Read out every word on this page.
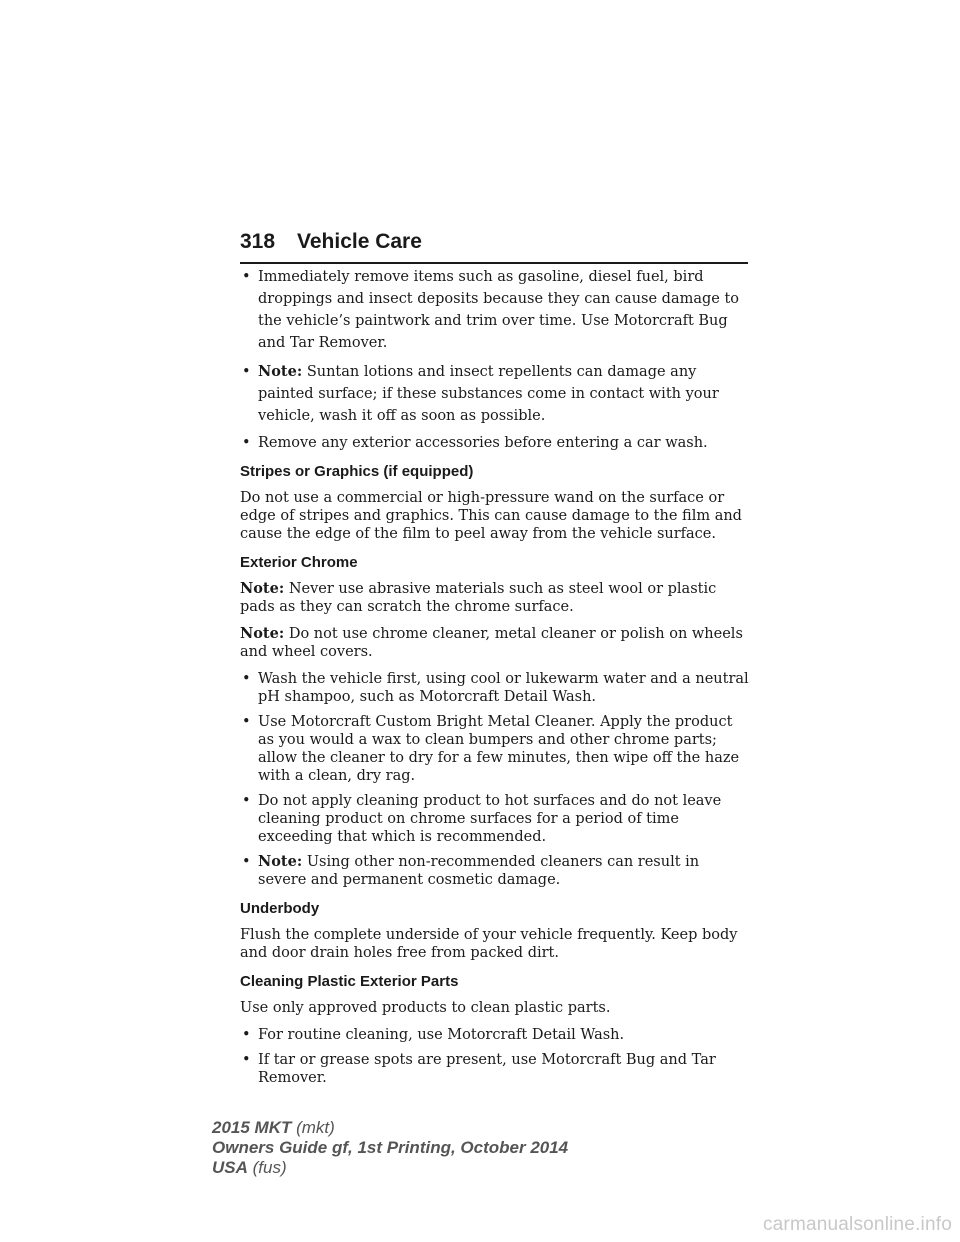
318 Vehicle Care
• Immediately remove items such as gasoline, diesel fuel, bird droppings and insect deposits because they can cause damage to the vehicle’s paintwork and trim over time. Use Motorcraft Bug and Tar Remover.
• Note: Suntan lotions and insect repellents can damage any painted surface; if these substances come in contact with your vehicle, wash it off as soon as possible.
• Remove any exterior accessories before entering a car wash.
Stripes or Graphics (if equipped)

Do not use a commercial or high-pressure wand on the surface or edge of stripes and graphics. This can cause damage to the film and cause the edge of the film to peel away from the vehicle surface.

Exterior Chrome

Note: Never use abrasive materials such as steel wool or plastic pads as they can scratch the chrome surface.

Note: Do not use chrome cleaner, metal cleaner or polish on wheels and wheel covers.

• Wash the vehicle first, using cool or lukewarm water and a neutral pH shampoo, such as Motorcraft Detail Wash.
• Use Motorcraft Custom Bright Metal Cleaner. Apply the product as you would a wax to clean bumpers and other chrome parts; allow the cleaner to dry for a few minutes, then wipe off the haze with a clean, dry rag.
• Do not apply cleaning product to hot surfaces and do not leave cleaning product on chrome surfaces for a period of time exceeding that which is recommended.
• Note: Using other non-recommended cleaners can result in severe and permanent cosmetic damage.
Underbody

Flush the complete underside of your vehicle frequently. Keep body and door drain holes free from packed dirt.

Cleaning Plastic Exterior Parts

Use only approved products to clean plastic parts.

• For routine cleaning, use Motorcraft Detail Wash.
• If tar or grease spots are present, use Motorcraft Bug and Tar Remover.
2015 MKT (mkt)
Owners Guide gf, 1st Printing, October 2014
USA (fus)
carmanualsonline.info
